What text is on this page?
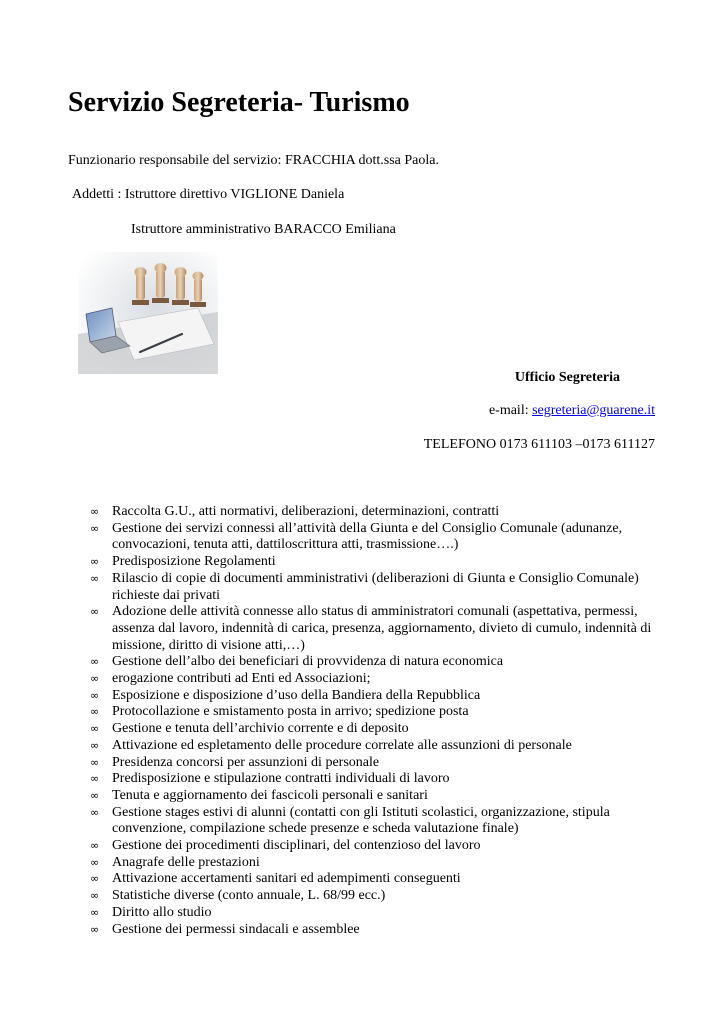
Servizio Segreteria- Turismo
Funzionario responsabile del servizio: FRACCHIA dott.ssa Paola.
Addetti : Istruttore direttivo VIGLIONE Daniela
Istruttore amministrativo BARACCO Emiliana
Ufficio Segreteria
e-mail: segreteria@guarene.it
TELEFONO 0173 611103 –0173 611127
∞ Raccolta G.U., atti normativi, deliberazioni, determinazioni, contratti
∞ Gestione dei servizi connessi all’attività della Giunta e del Consiglio Comunale (adunanze, convocazioni, tenuta atti, dattiloscrittura atti, trasmissione….)
∞ Predisposizione Regolamenti
∞ Rilascio di copie di documenti amministrativi (deliberazioni di Giunta e Consiglio Comunale) richieste dai privati
∞ Adozione delle attività connesse allo status di amministratori comunali (aspettativa, permessi, assenza dal lavoro, indennità di carica, presenza, aggiornamento, divieto di cumulo, indennità di missione, diritto di visione atti,…)
∞ Gestione dell’albo dei beneficiari di provvidenza di natura economica
∞ erogazione contributi ad Enti ed Associazioni;
∞ Esposizione e disposizione d’uso della Bandiera della Repubblica
∞ Protocollazione e smistamento posta in arrivo; spedizione posta
∞ Gestione e tenuta dell’archivio corrente e di deposito
∞ Attivazione ed espletamento delle procedure correlate alle assunzioni di personale
∞ Presidenza concorsi per assunzioni di personale
∞ Predisposizione e stipulazione contratti individuali di lavoro
∞ Tenuta e aggiornamento dei fascicoli personali e sanitari
∞ Gestione stages estivi di alunni (contatti con gli Istituti scolastici, organizzazione, stipula convenzione, compilazione schede presenze e scheda valutazione finale)
∞ Gestione dei procedimenti disciplinari, del contenzioso del lavoro
∞ Anagrafe delle prestazioni
∞ Attivazione accertamenti sanitari ed adempimenti conseguenti
∞ Statistiche diverse (conto annuale, L. 68/99 ecc.)
∞ Diritto allo studio
∞ Gestione dei permessi sindacali e assemblee
